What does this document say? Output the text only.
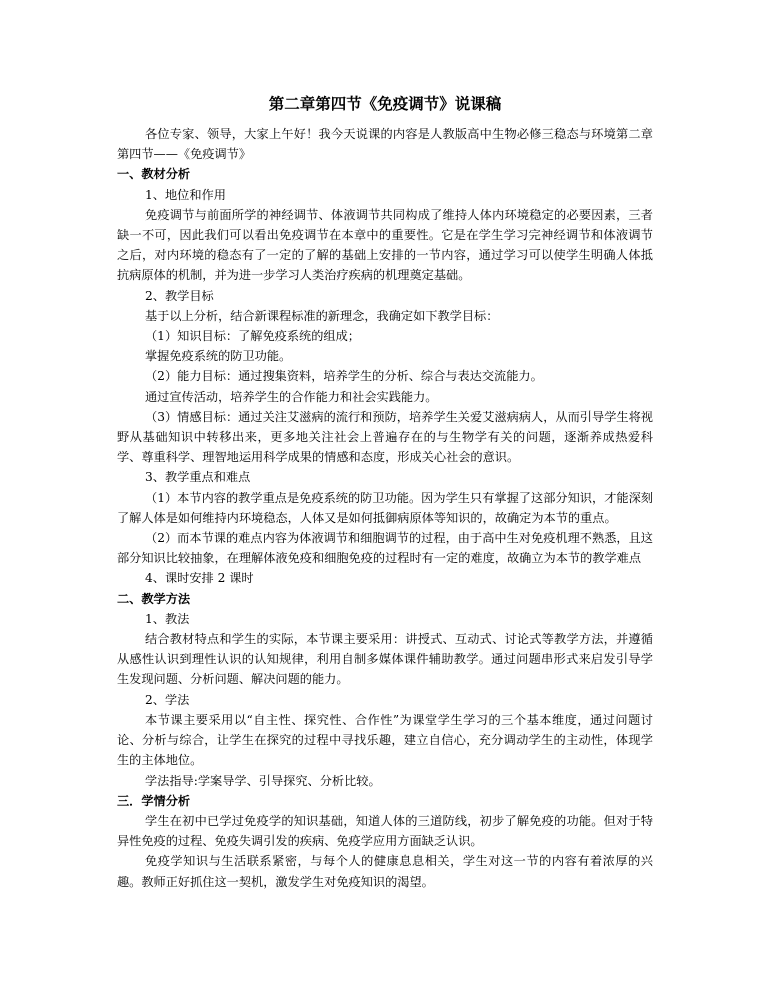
第二章第四节《免疫调节》说课稿

各位专家、领导，大家上午好！我今天说课的内容是人教版高中生物必修三稳态与环境第二章第四节——《免疫调节》

一、教材分析

1、地位和作用

免疫调节与前面所学的神经调节、体液调节共同构成了维持人体内环境稳定的必要因素，三者缺一不可，因此我们可以看出免疫调节在本章中的重要性。它是在学生学习完神经调节和体液调节之后，对内环境的稳态有了一定的了解的基础上安排的一节内容，通过学习可以使学生明确人体抵抗病原体的机制，并为进一步学习人类治疗疾病的机理奠定基础。

2、教学目标

基于以上分析，结合新课程标准的新理念，我确定如下教学目标：

（1）知识目标：了解免疫系统的组成；

掌握免疫系统的防卫功能。

（2）能力目标：通过搜集资料，培养学生的分析、综合与表达交流能力。

通过宣传活动，培养学生的合作能力和社会实践能力。

（3）情感目标：通过关注艾滋病的流行和预防，培养学生关爱艾滋病病人，从而引导学生将视野从基础知识中转移出来，更多地关注社会上普遍存在的与生物学有关的问题，逐渐养成热爱科学、尊重科学、理智地运用科学成果的情感和态度，形成关心社会的意识。

3、教学重点和难点

（1）本节内容的教学重点是免疫系统的防卫功能。因为学生只有掌握了这部分知识，才能深刻了解人体是如何维持内环境稳态，人体又是如何抵御病原体等知识的，故确定为本节的重点。

（2）而本节课的难点内容为体液调节和细胞调节的过程，由于高中生对免疫机理不熟悉，且这部分知识比较抽象，在理解体液免疫和细胞免疫的过程时有一定的难度，故确立为本节的教学难点

4、课时安排 2 课时

二、教学方法

1、教法

结合教材特点和学生的实际，本节课主要采用：讲授式、互动式、讨论式等教学方法，并遵循从感性认识到理性认识的认知规律，利用自制多媒体课件辅助教学。通过问题串形式来启发引导学生发现问题、分析问题、解决问题的能力。

2、学法

本节课主要采用以“自主性、探究性、合作性”为课堂学生学习的三个基本维度，通过问题讨论、分析与综合，让学生在探究的过程中寻找乐趣，建立自信心，充分调动学生的主动性，体现学生的主体地位。

学法指导:学案导学、引导探究、分析比较。

三．学情分析

学生在初中已学过免疫学的知识基础，知道人体的三道防线，初步了解免疫的功能。但对于特异性免疫的过程、免疫失调引发的疾病、免疫学应用方面缺乏认识。

免疫学知识与生活联系紧密，与每个人的健康息息相关，学生对这一节的内容有着浓厚的兴趣。教师正好抓住这一契机，激发学生对免疫知识的渴望。
